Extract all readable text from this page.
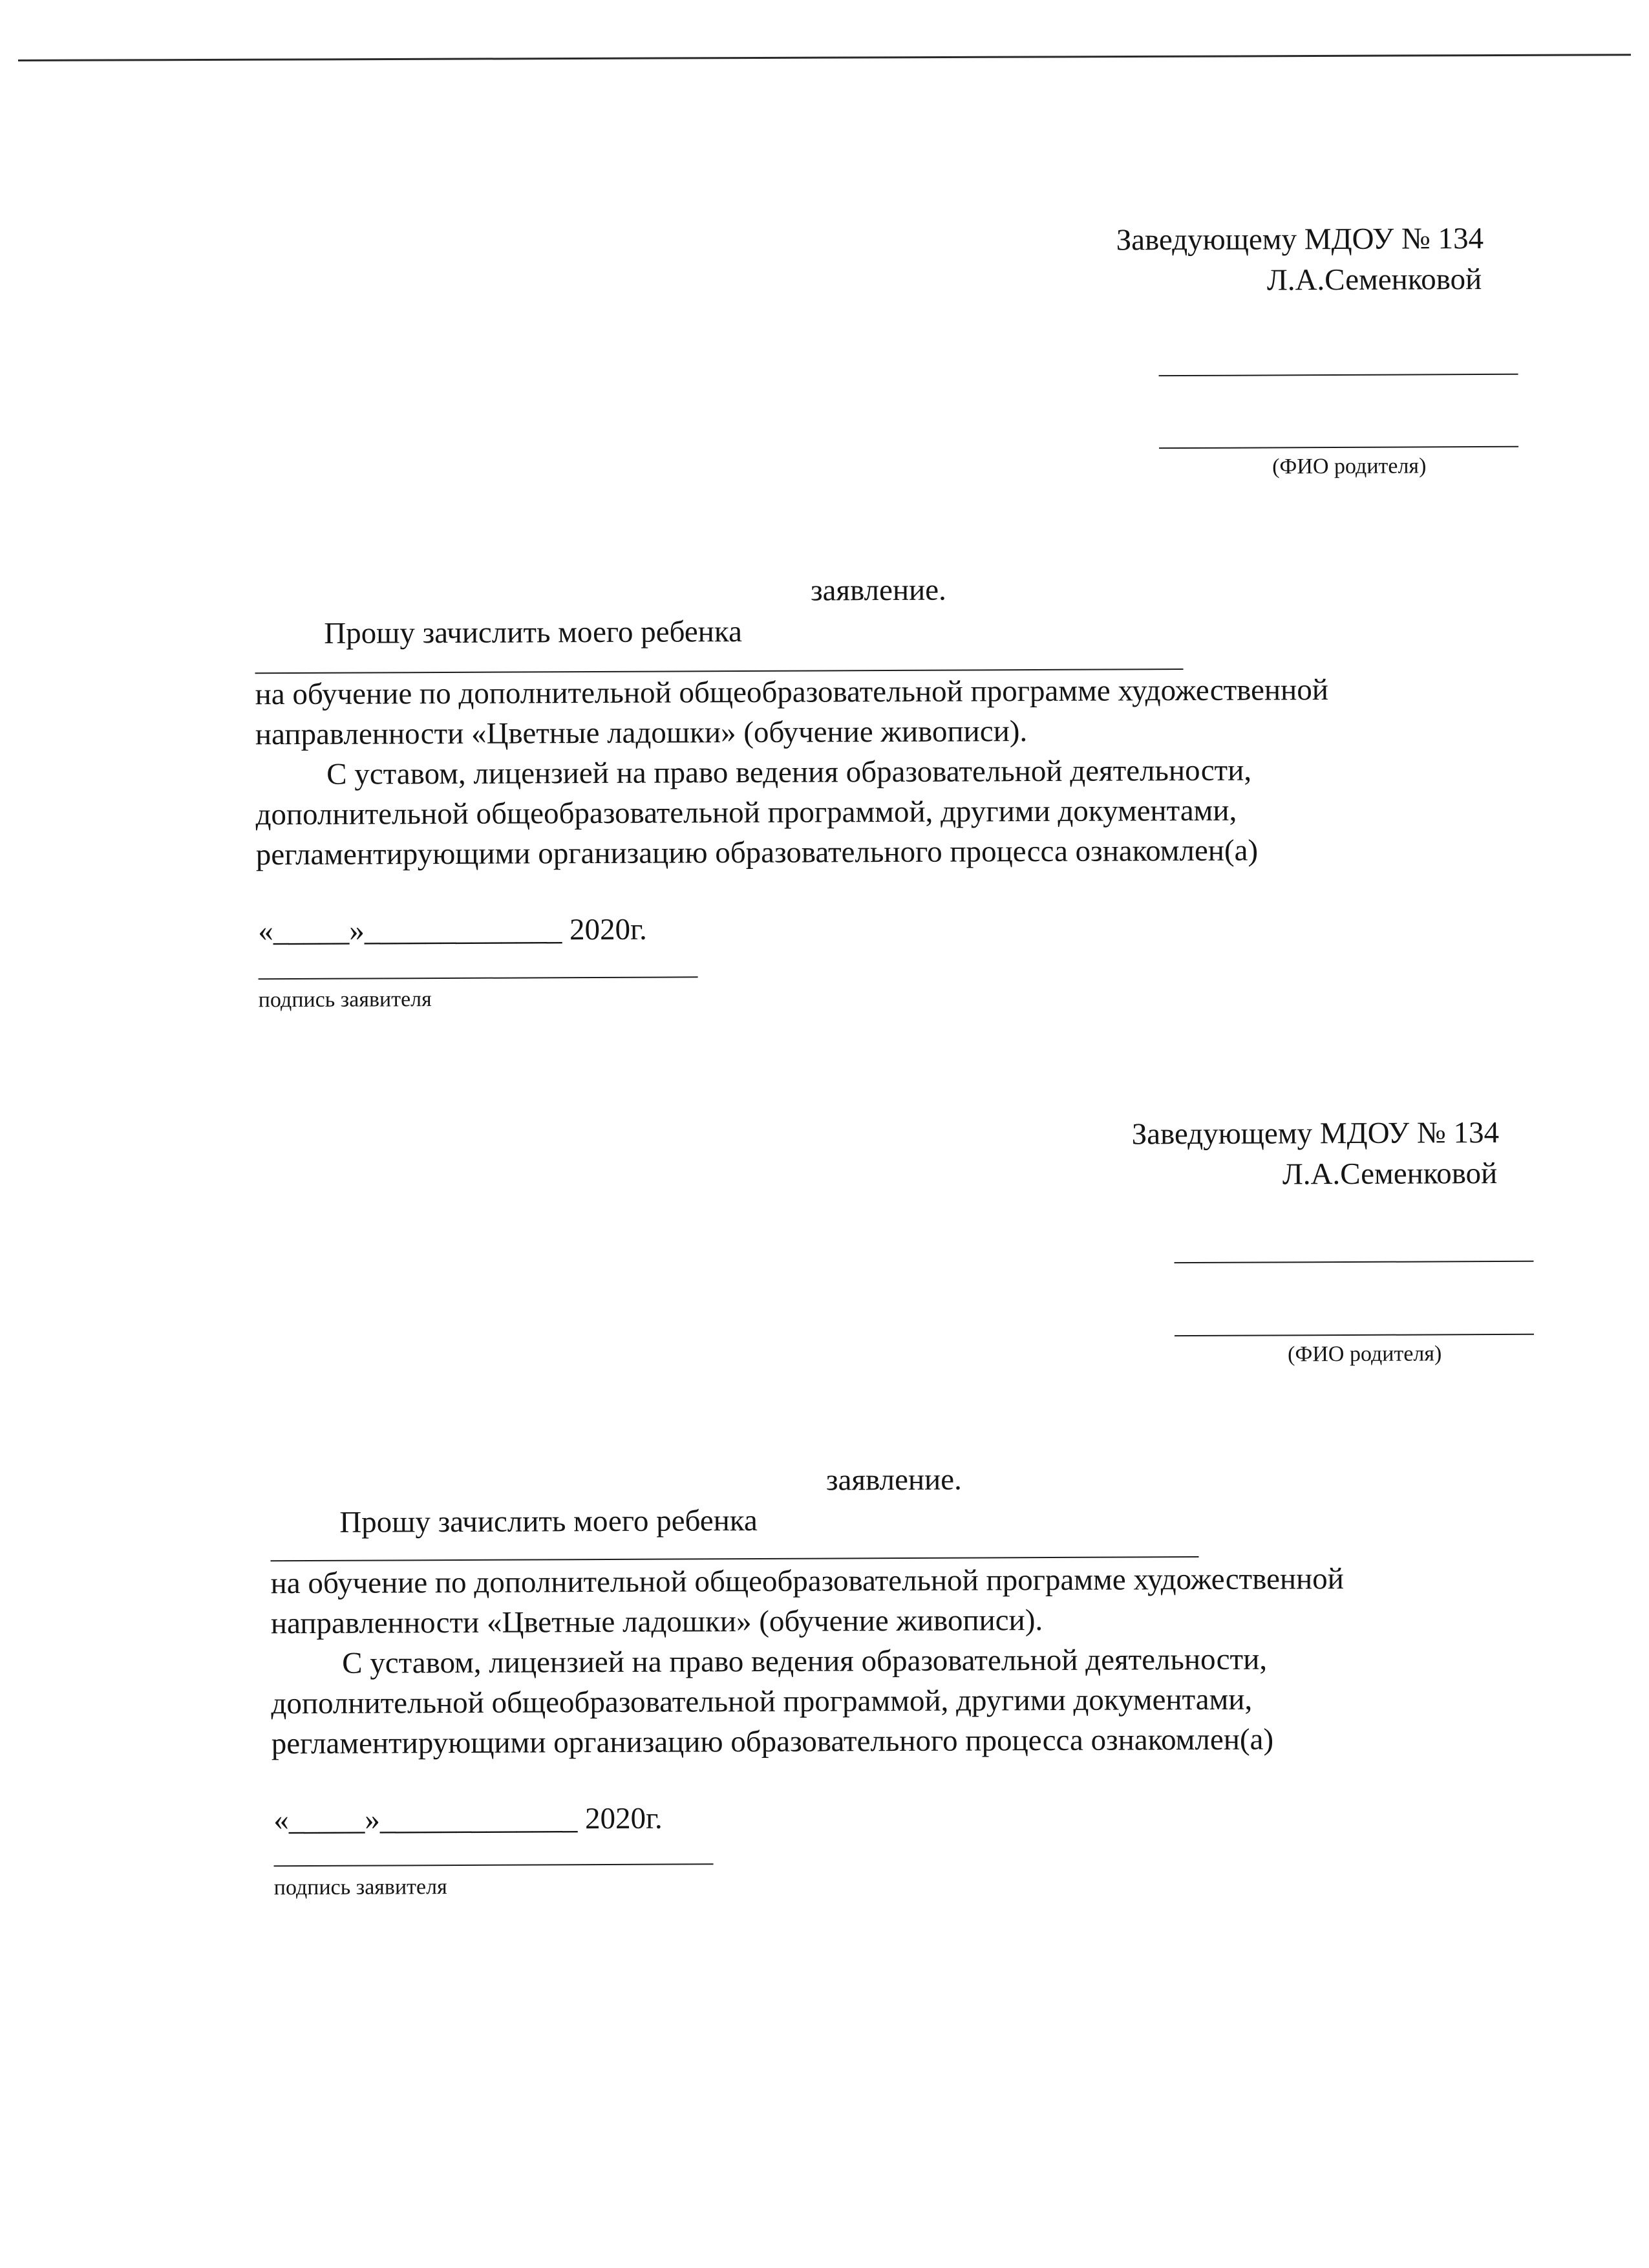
Заведующему МДОУ № 134
Л.А.Семенковой
(ФИО родителя)
заявление.
Прошу зачислить моего ребенка

на обучение по дополнительной общеобразовательной программе художественной

направленности «Цветные ладошки» (обучение живописи).

С уставом, лицензией на право ведения образовательной деятельности,

дополнительной общеобразовательной программой, другими документами,

регламентирующими организацию образовательного процесса ознакомлен(а)

«_____»_____________ 2020г.
подпись заявителя
Заведующему МДОУ № 134
Л.А.Семенковой
(ФИО родителя)
заявление.
Прошу зачислить моего ребенка

на обучение по дополнительной общеобразовательной программе художественной

направленности «Цветные ладошки» (обучение живописи).

С уставом, лицензией на право ведения образовательной деятельности,

дополнительной общеобразовательной программой, другими документами,

регламентирующими организацию образовательного процесса ознакомлен(а)

«_____»_____________ 2020г.
подпись заявителя
